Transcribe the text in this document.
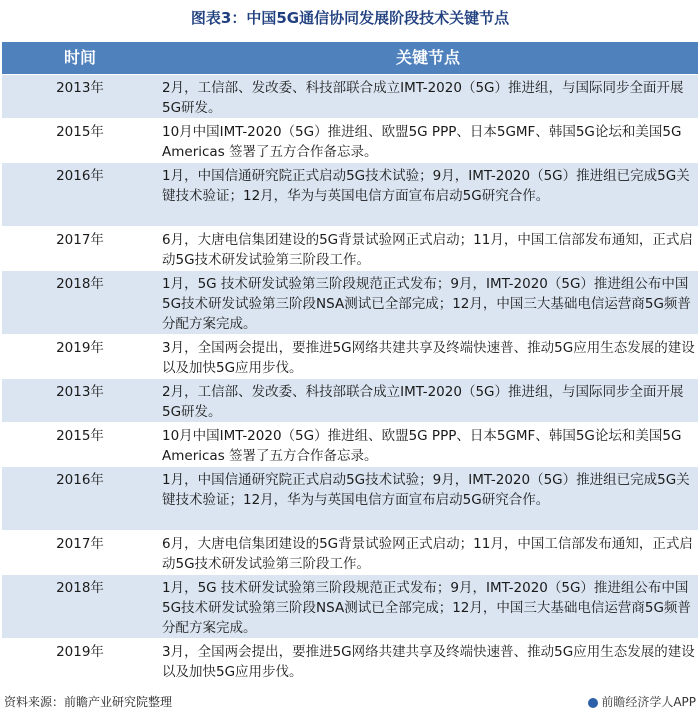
图表3：中国5G通信协同发展阶段技术关键节点
时间	关键节点
2013年	2月，工信部、发改委、科技部联合成立IMT-2020（5G）推进组，与国际同步全面开展5G研发。
2015年	10月中国IMT-2020（5G）推进组、欧盟5G PPP、日本5GMF、韩国5G论坛和美国5G Americas 签署了五方合作备忘录。
2016年	1月，中国信通研究院正式启动5G技术试验；9月，IMT-2020（5G）推进组已完成5G关键技术验证；12月，华为与英国电信方面宣布启动5G研究合作。
2017年	6月，大唐电信集团建设的5G背景试验网正式启动；11月，中国工信部发布通知，正式启动5G技术研发试验第三阶段工作。
2018年	1月，5G 技术研发试验第三阶段规范正式发布；9月，IMT-2020（5G）推进组公布中国5G技术研发试验第三阶段NSA测试已全部完成；12月，中国三大基础电信运营商5G频普分配方案完成。
2019年	3月，全国两会提出，要推进5G网络共建共享及终端快速普、推动5G应用生态发展的建设以及加快5G应用步伐。
2013年	2月，工信部、发改委、科技部联合成立IMT-2020（5G）推进组，与国际同步全面开展5G研发。
2015年	10月中国IMT-2020（5G）推进组、欧盟5G PPP、日本5GMF、韩国5G论坛和美国5G Americas 签署了五方合作备忘录。
2016年	1月，中国信通研究院正式启动5G技术试验；9月，IMT-2020（5G）推进组已完成5G关键技术验证；12月，华为与英国电信方面宣布启动5G研究合作。
2017年	6月，大唐电信集团建设的5G背景试验网正式启动；11月，中国工信部发布通知，正式启动5G技术研发试验第三阶段工作。
2018年	1月，5G 技术研发试验第三阶段规范正式发布；9月，IMT-2020（5G）推进组公布中国5G技术研发试验第三阶段NSA测试已全部完成；12月，中国三大基础电信运营商5G频普分配方案完成。
2019年	3月，全国两会提出，要推进5G网络共建共享及终端快速普、推动5G应用生态发展的建设以及加快5G应用步伐。
资料来源：前瞻产业研究院整理	前瞻经济学人APP
